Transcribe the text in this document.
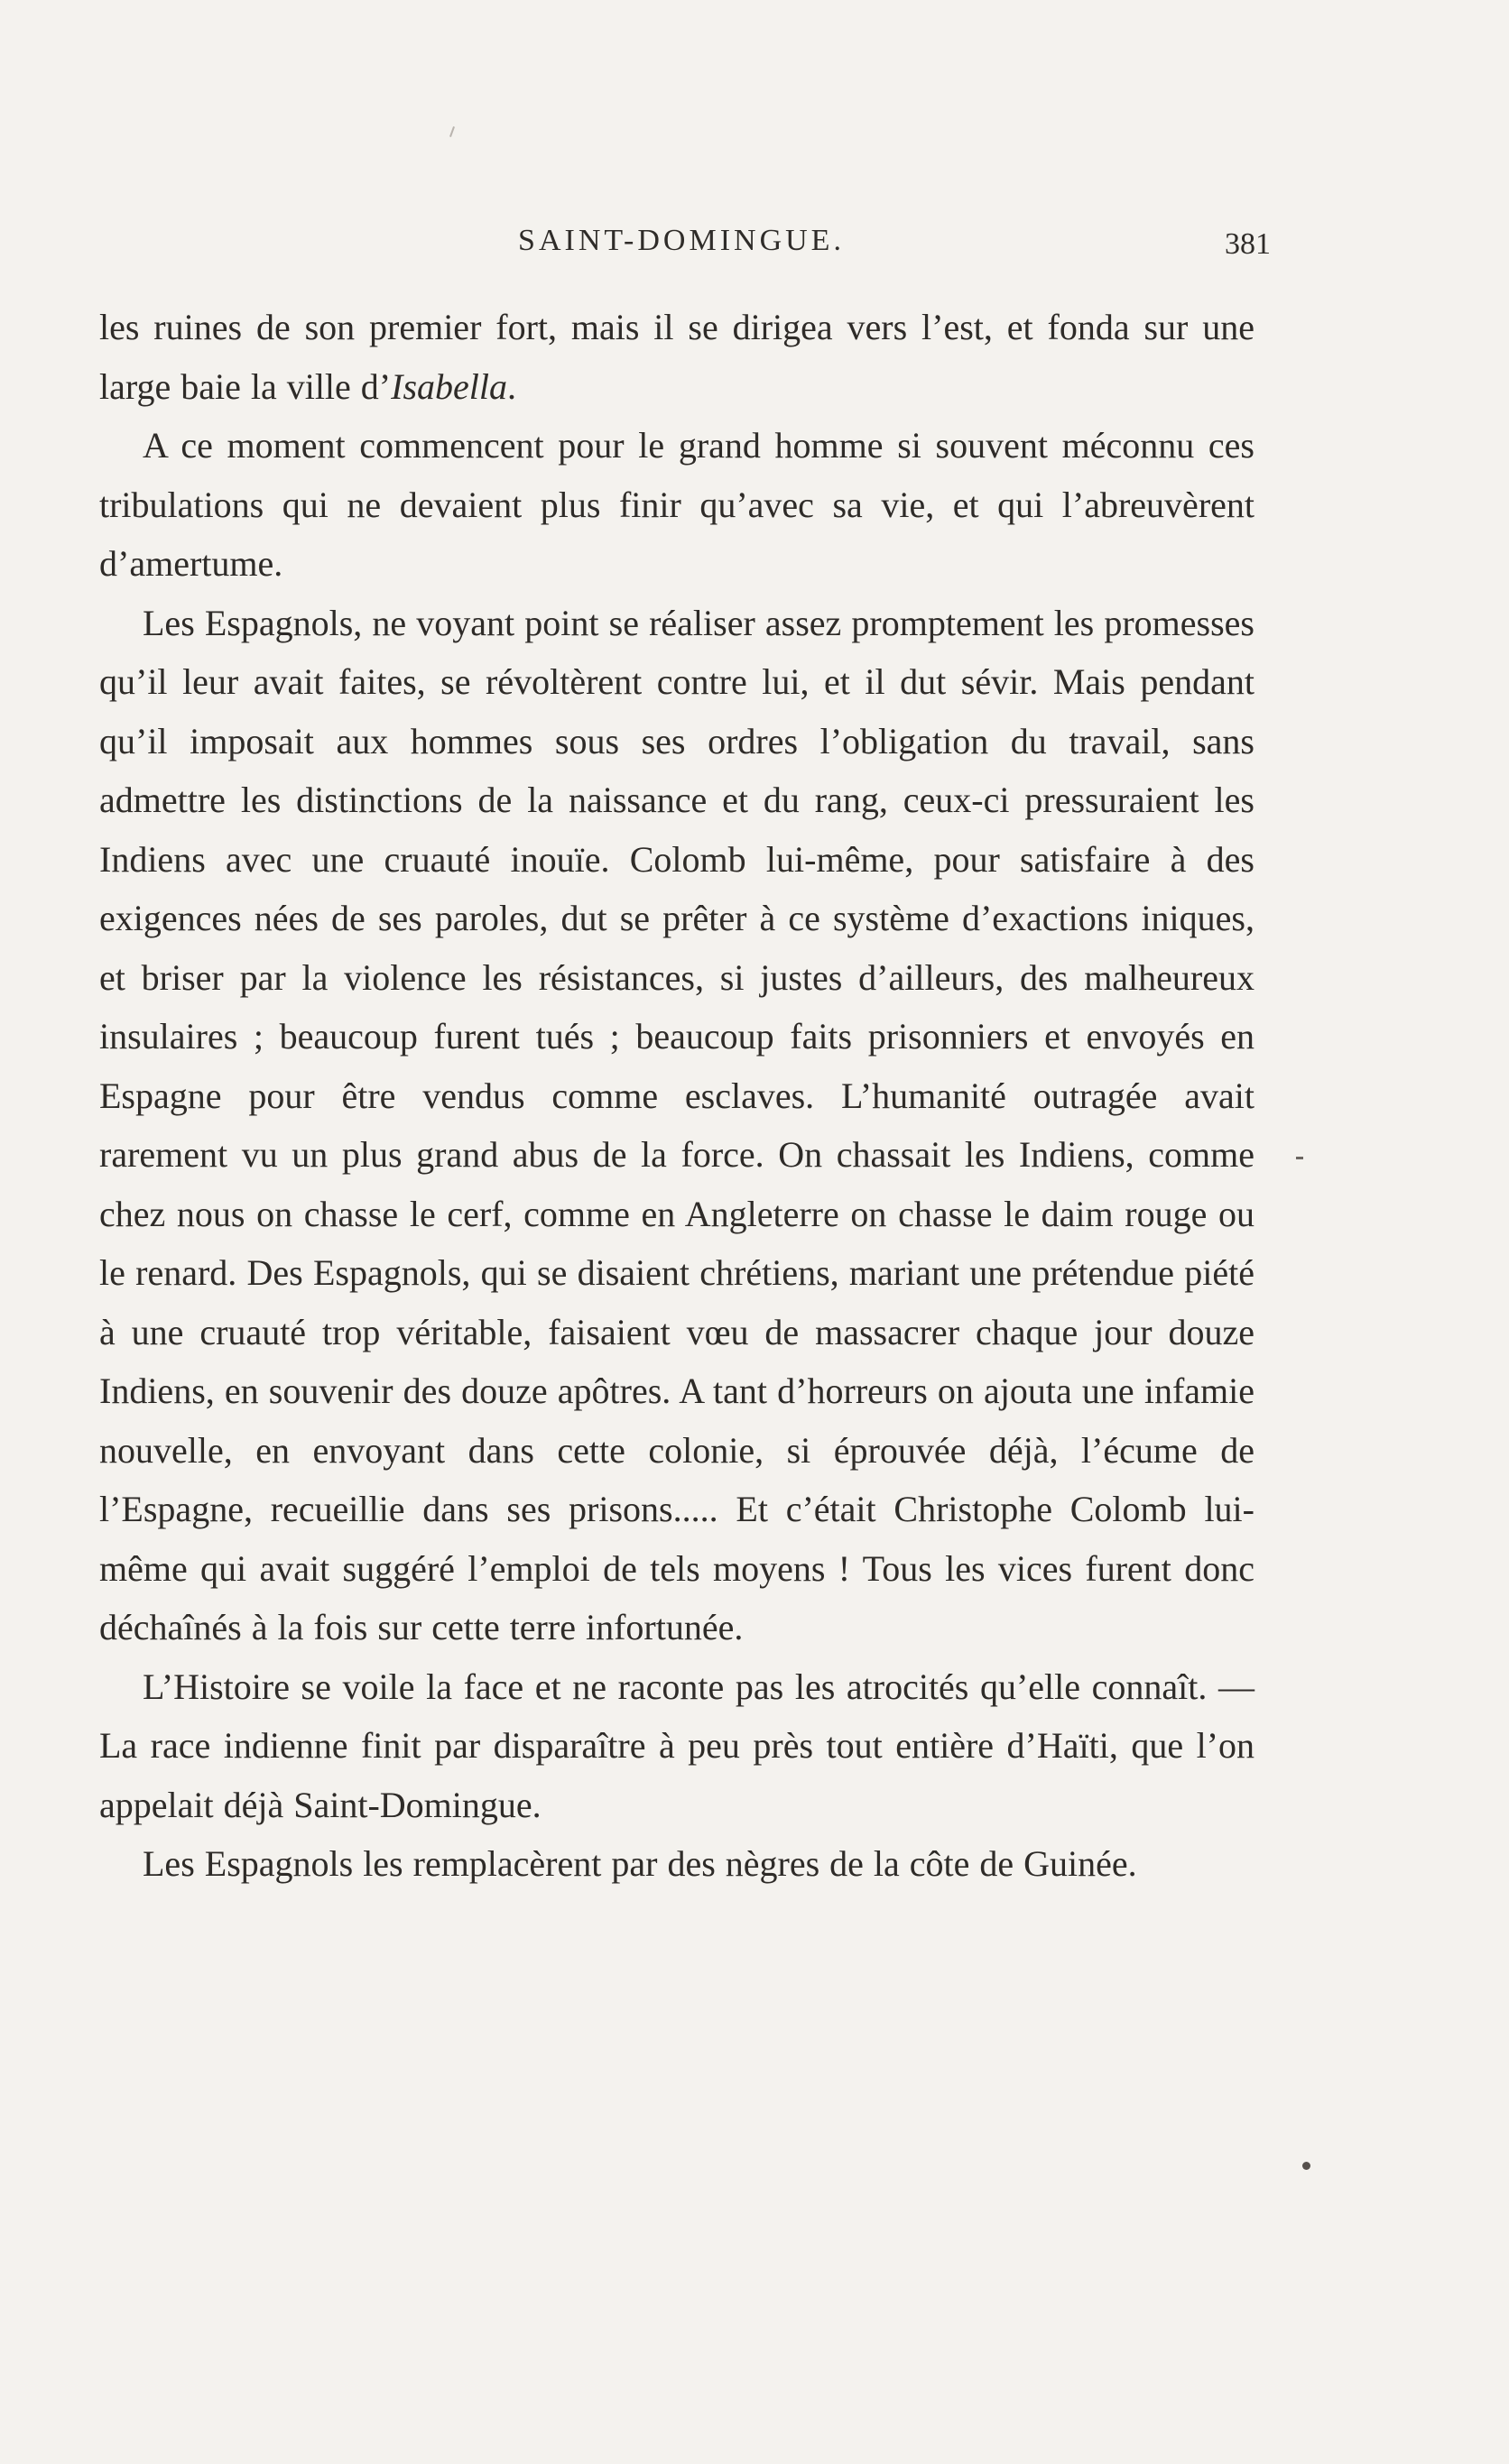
SAINT-DOMINGUE.	381

les ruines de son premier fort, mais il se dirigea vers l’est, et fonda sur une large baie la ville d’Isabella.

A ce moment commencent pour le grand homme si souvent méconnu ces tribulations qui ne devaient plus finir qu’avec sa vie, et qui l’abreuvèrent d’amertume.

Les Espagnols, ne voyant point se réaliser assez promptement les promesses qu’il leur avait faites, se révoltèrent contre lui, et il dut sévir. Mais pendant qu’il imposait aux hommes sous ses ordres l’obligation du travail, sans admettre les distinctions de la naissance et du rang, ceux-ci pressuraient les Indiens avec une cruauté inouïe. Colomb lui-même, pour satisfaire à des exigences nées de ses paroles, dut se prêter à ce système d’exactions iniques, et briser par la violence les résistances, si justes d’ailleurs, des malheureux insulaires ; beaucoup furent tués ; beaucoup faits prisonniers et envoyés en Espagne pour être vendus comme esclaves. L’humanité outragée avait rarement vu un plus grand abus de la force. On chassait les Indiens, comme chez nous on chasse le cerf, comme en Angleterre on chasse le daim rouge ou le renard. Des Espagnols, qui se disaient chrétiens, mariant une prétendue piété à une cruauté trop véritable, faisaient vœu de massacrer chaque jour douze Indiens, en souvenir des douze apôtres. A tant d’horreurs on ajouta une infamie nouvelle, en envoyant dans cette colonie, si éprouvée déjà, l’écume de l’Espagne, recueillie dans ses prisons..... Et c’était Christophe Colomb lui-même qui avait suggéré l’emploi de tels moyens ! Tous les vices furent donc déchaînés à la fois sur cette terre infortunée.

L’Histoire se voile la face et ne raconte pas les atrocités qu’elle connaît. — La race indienne finit par disparaître à peu près tout entière d’Haïti, que l’on appelait déjà Saint-Domingue.

Les Espagnols les remplacèrent par des nègres de la côte de Guinée.
